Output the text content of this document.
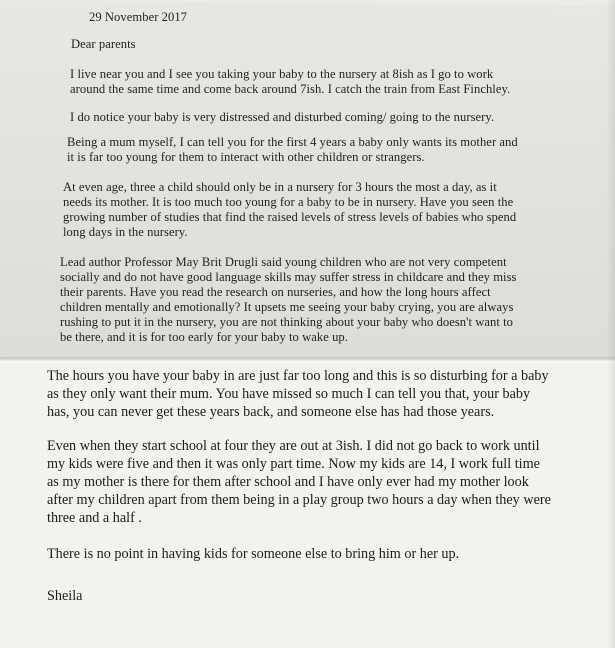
29 November 2017
Dear parents
I live near you and I see you taking your baby to the nursery at 8ish as I go to work
around the same time and come back around 7ish. I catch the train from East Finchley.
I do notice your baby is very distressed and disturbed coming/ going to the nursery.
Being a mum myself, I can tell you for the first 4 years a baby only wants its mother and
it is far too young for them to interact with other children or strangers.
At even age, three a child should only be in a nursery for 3 hours the most a day, as it
needs its mother. It is too much too young for a baby to be in nursery. Have you seen the
growing number of studies that find the raised levels of stress levels of babies who spend
long days in the nursery.
Lead author Professor May Brit Drugli said young children who are not very competent
socially and do not have good language skills may suffer stress in childcare and they miss
their parents. Have you read the research on nurseries, and how the long hours affect
children mentally and emotionally? It upsets me seeing your baby crying, you are always
rushing to put it in the nursery, you are not thinking about your baby who doesn't want to
be there, and it is for too early for your baby to wake up.
The hours you have your baby in are just far too long and this is so disturbing for a baby
as they only want their mum. You have missed so much I can tell you that, your baby
has, you can never get these years back, and someone else has had those years.
Even when they start school at four they are out at 3ish. I did not go back to work until
my kids were five and then it was only part time. Now my kids are 14, I work full time
as my mother is there for them after school and I have only ever had my mother look
after my children apart from them being in a play group two hours a day when they were
three and a half .
There is no point in having kids for someone else to bring him or her up.
Sheila
